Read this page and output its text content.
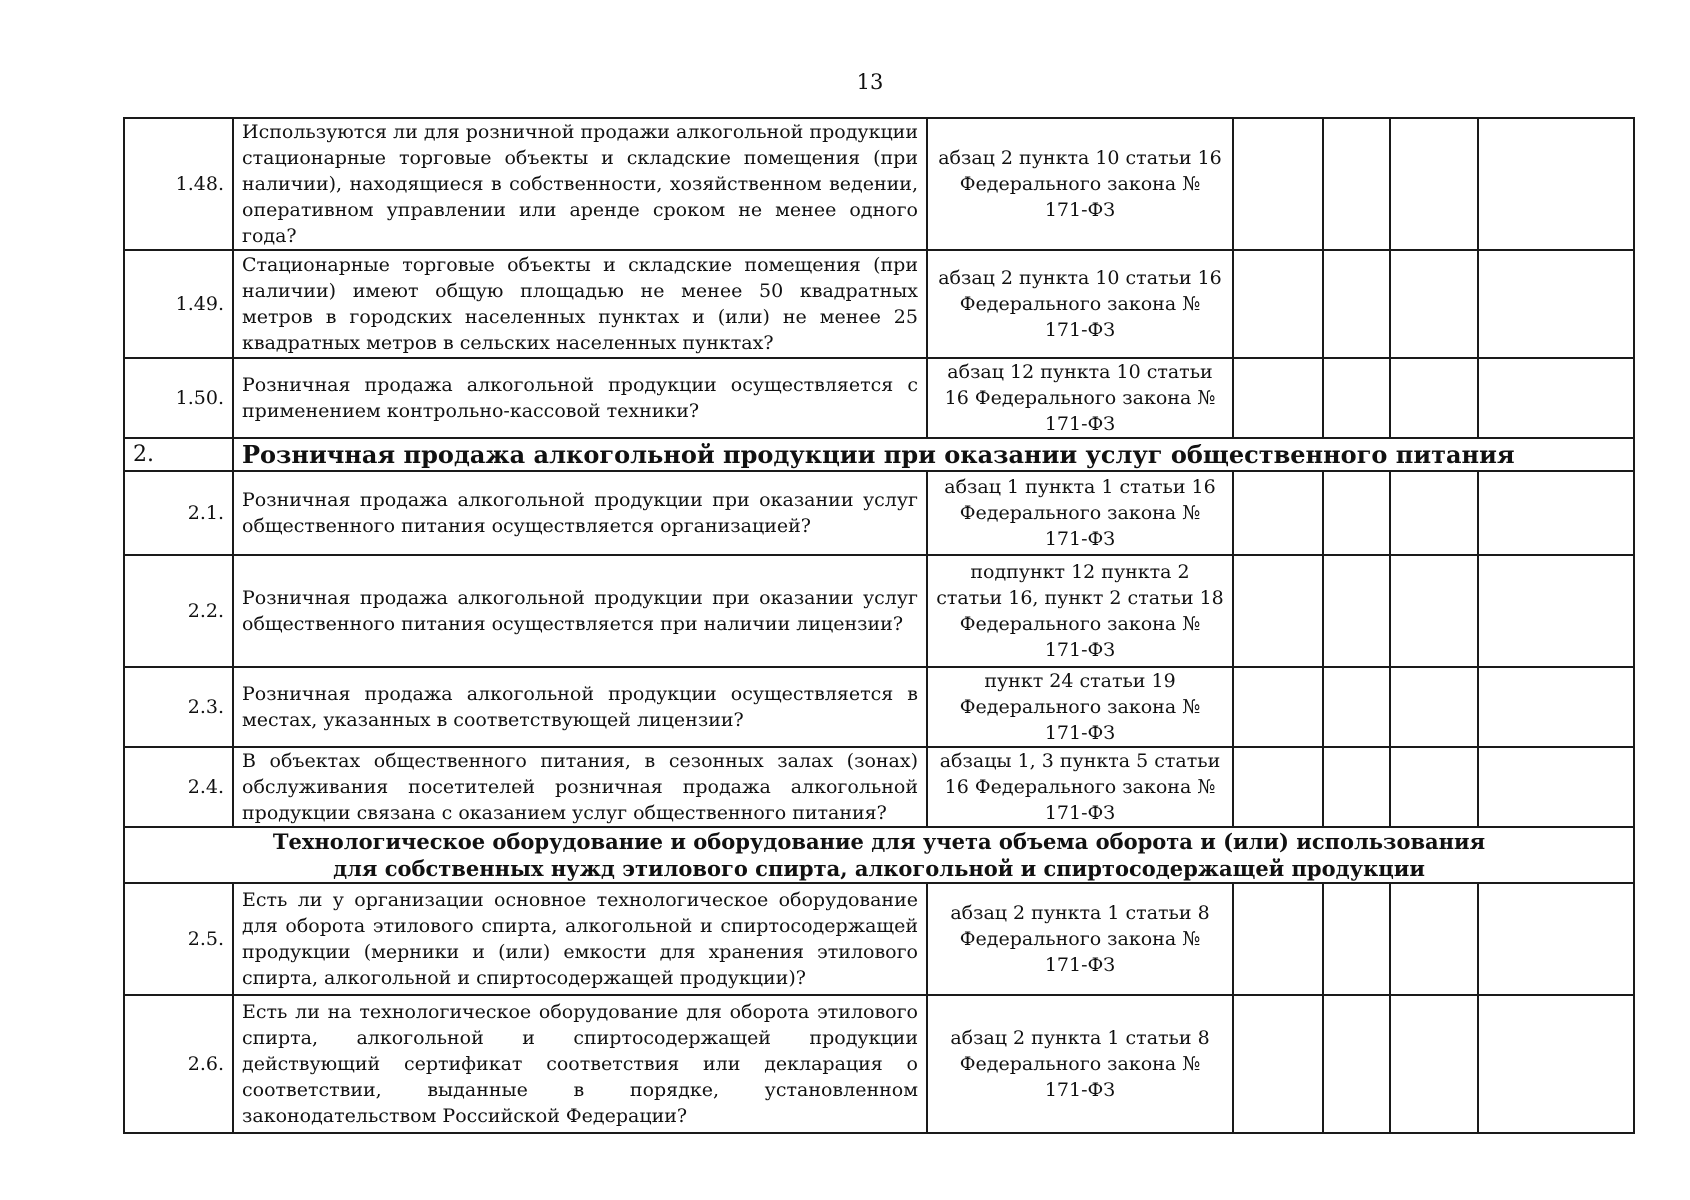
13
1.48.	Используются ли для розничной продажи алкогольной продукции стационарные торговые объекты и складские помещения (при наличии), находящиеся в собственности, хозяйственном ведении, оперативном управлении или аренде сроком не менее одного года?	абзац 2 пункта 10 статьи 16 Федерального закона № 171-ФЗ				
1.49.	Стационарные торговые объекты и складские помещения (при наличии) имеют общую площадью не менее 50 квадратных метров в городских населенных пунктах и (или) не менее 25 квадратных метров в сельских населенных пунктах?	абзац 2 пункта 10 статьи 16 Федерального закона № 171-ФЗ				
1.50.	Розничная продажа алкогольной продукции осуществляется с применением контрольно-кассовой техники?	абзац 12 пункта 10 статьи 16 Федерального закона № 171-ФЗ				
2.	Розничная продажа алкогольной продукции при оказании услуг общественного питания					
2.1.	Розничная продажа алкогольной продукции при оказании услуг общественного питания осуществляется организацией?	абзац 1 пункта 1 статьи 16 Федерального закона № 171-ФЗ				
2.2.	Розничная продажа алкогольной продукции при оказании услуг общественного питания осуществляется при наличии лицензии?	подпункт 12 пункта 2 статьи 16, пункт 2 статьи 18 Федерального закона № 171-ФЗ				
2.3.	Розничная продажа алкогольной продукции осуществляется в местах, указанных в соответствующей лицензии?	пункт 24 статьи 19 Федерального закона № 171-ФЗ				
2.4.	В объектах общественного питания, в сезонных залах (зонах) обслуживания посетителей розничная продажа алкогольной продукции связана с оказанием услуг общественного питания?	абзацы 1, 3 пункта 5 статьи 16 Федерального закона № 171-ФЗ				

Технологическое оборудование и оборудование для учета объема оборота и (или) использования
для собственных нужд этилового спирта, алкогольной и спиртосодержащей продукции						

2.5.	Есть ли у организации основное технологическое оборудование для оборота этилового спирта, алкогольной и спиртосодержащей продукции (мерники и (или) емкости для хранения этилового спирта, алкогольной и спиртосодержащей продукции)?	абзац 2 пункта 1 статьи 8 Федерального закона № 171-ФЗ				
2.6.	Есть ли на технологическое оборудование для оборота этилового спирта, алкогольной и спиртосодержащей продукции действующий сертификат соответствия или декларация о соответствии, выданные в порядке, установленном законодательством Российской Федерации?	абзац 2 пункта 1 статьи 8 Федерального закона № 171-ФЗ				
